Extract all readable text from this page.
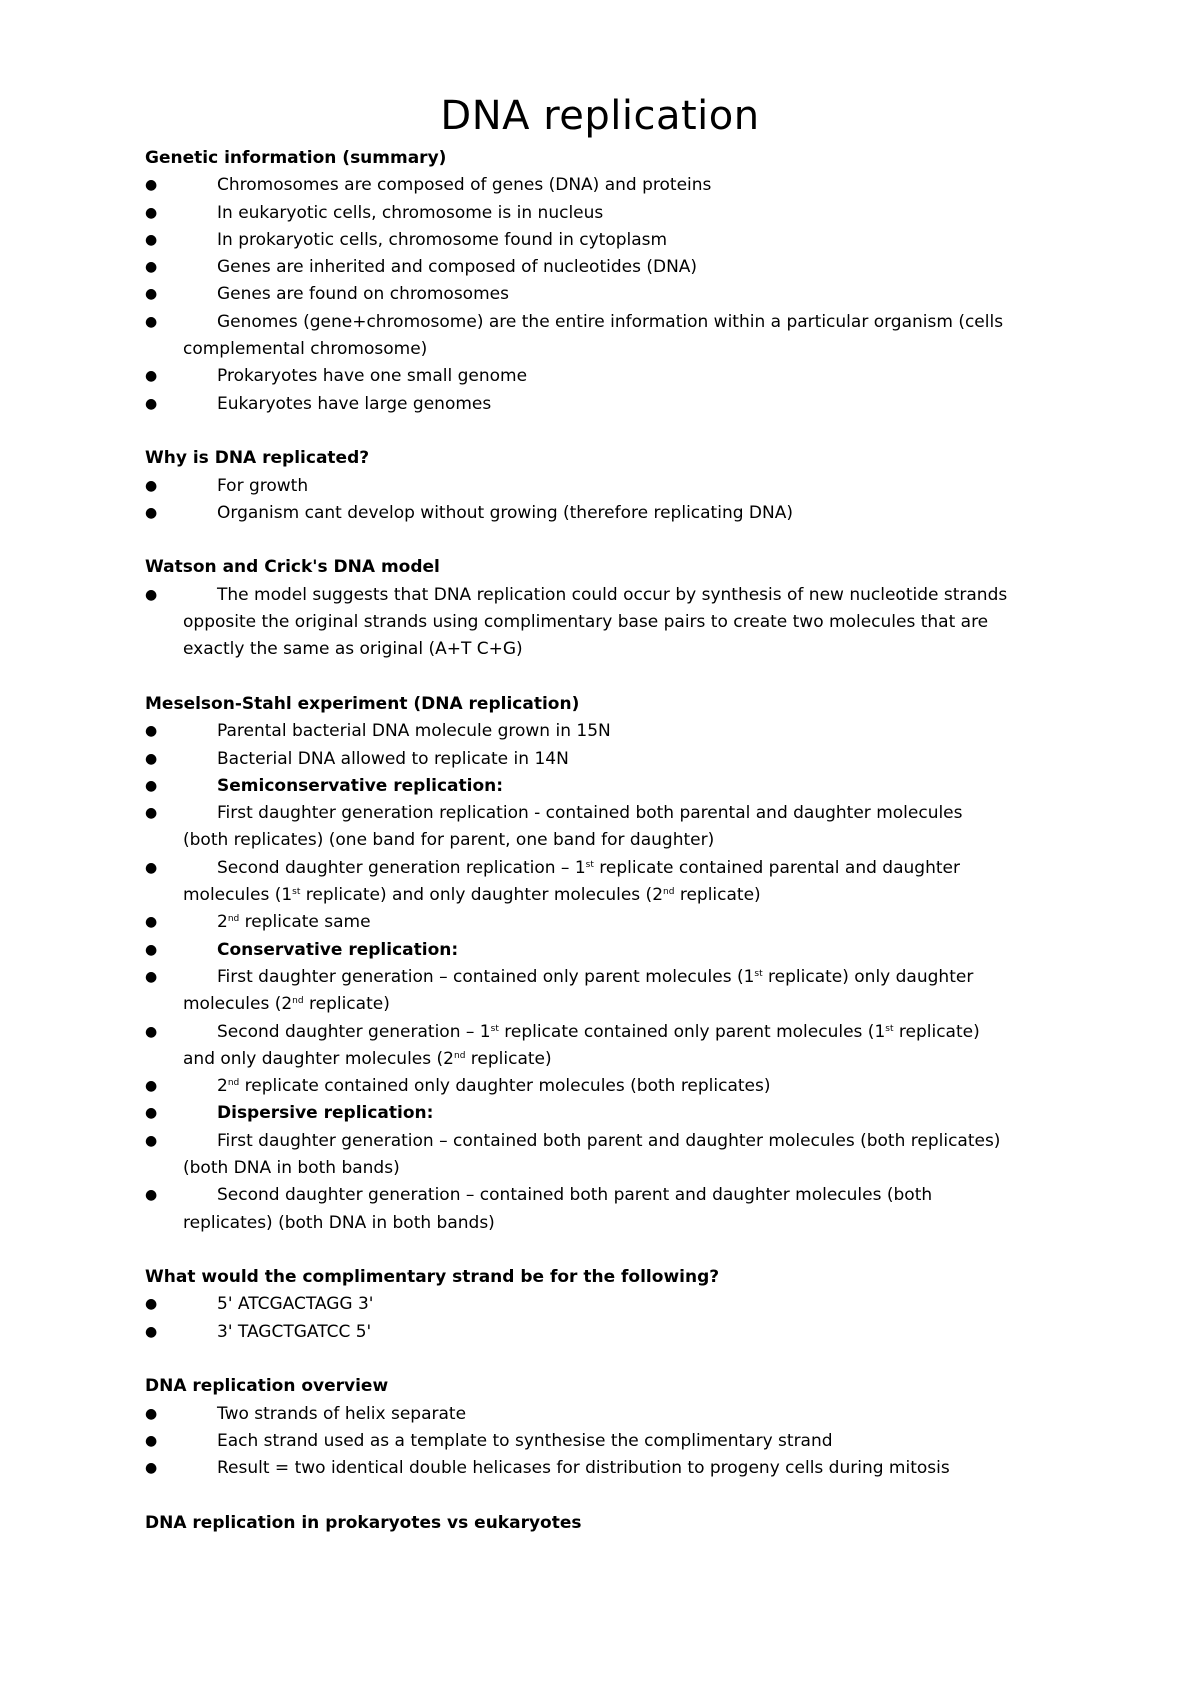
DNA replication
Genetic information (summary)
●	Chromosomes are composed of genes (DNA) and proteins
●	In eukaryotic cells, chromosome is in nucleus
●	In prokaryotic cells, chromosome found in cytoplasm
●	Genes are inherited and composed of nucleotides (DNA)
●	Genes are found on chromosomes
●	Genomes (gene+chromosome) are the entire information within a particular organism (cells
complemental chromosome)
●	Prokaryotes have one small genome
●	Eukaryotes have large genomes
Why is DNA replicated?
●	For growth
●	Organism cant develop without growing (therefore replicating DNA)
Watson and Crick's DNA model
●	The model suggests that DNA replication could occur by synthesis of new nucleotide strands
opposite the original strands using complimentary base pairs to create two molecules that are
exactly the same as original (A+T C+G)
Meselson-Stahl experiment (DNA replication)
●	Parental bacterial DNA molecule grown in 15N
●	Bacterial DNA allowed to replicate in 14N
●	Semiconservative replication:
●	First daughter generation replication - contained both parental and daughter molecules
(both replicates) (one band for parent, one band for daughter)
●	Second daughter generation replication – 1st replicate contained parental and daughter
molecules (1st replicate) and only daughter molecules (2nd replicate)
●	2nd replicate same
●	Conservative replication:
●	First daughter generation – contained only parent molecules (1st replicate) only daughter
molecules (2nd replicate)
●	Second daughter generation – 1st replicate contained only parent molecules (1st replicate)
and only daughter molecules (2nd replicate)
●	2nd replicate contained only daughter molecules (both replicates)
●	Dispersive replication:
●	First daughter generation – contained both parent and daughter molecules (both replicates)
(both DNA in both bands)
●	Second daughter generation – contained both parent and daughter molecules (both
replicates) (both DNA in both bands)
What would the complimentary strand be for the following?
●	5' ATCGACTAGG 3'
●	3' TAGCTGATCC 5'
DNA replication overview
●	Two strands of helix separate
●	Each strand used as a template to synthesise the complimentary strand
●	Result = two identical double helicases for distribution to progeny cells during mitosis
DNA replication in prokaryotes vs eukaryotes
